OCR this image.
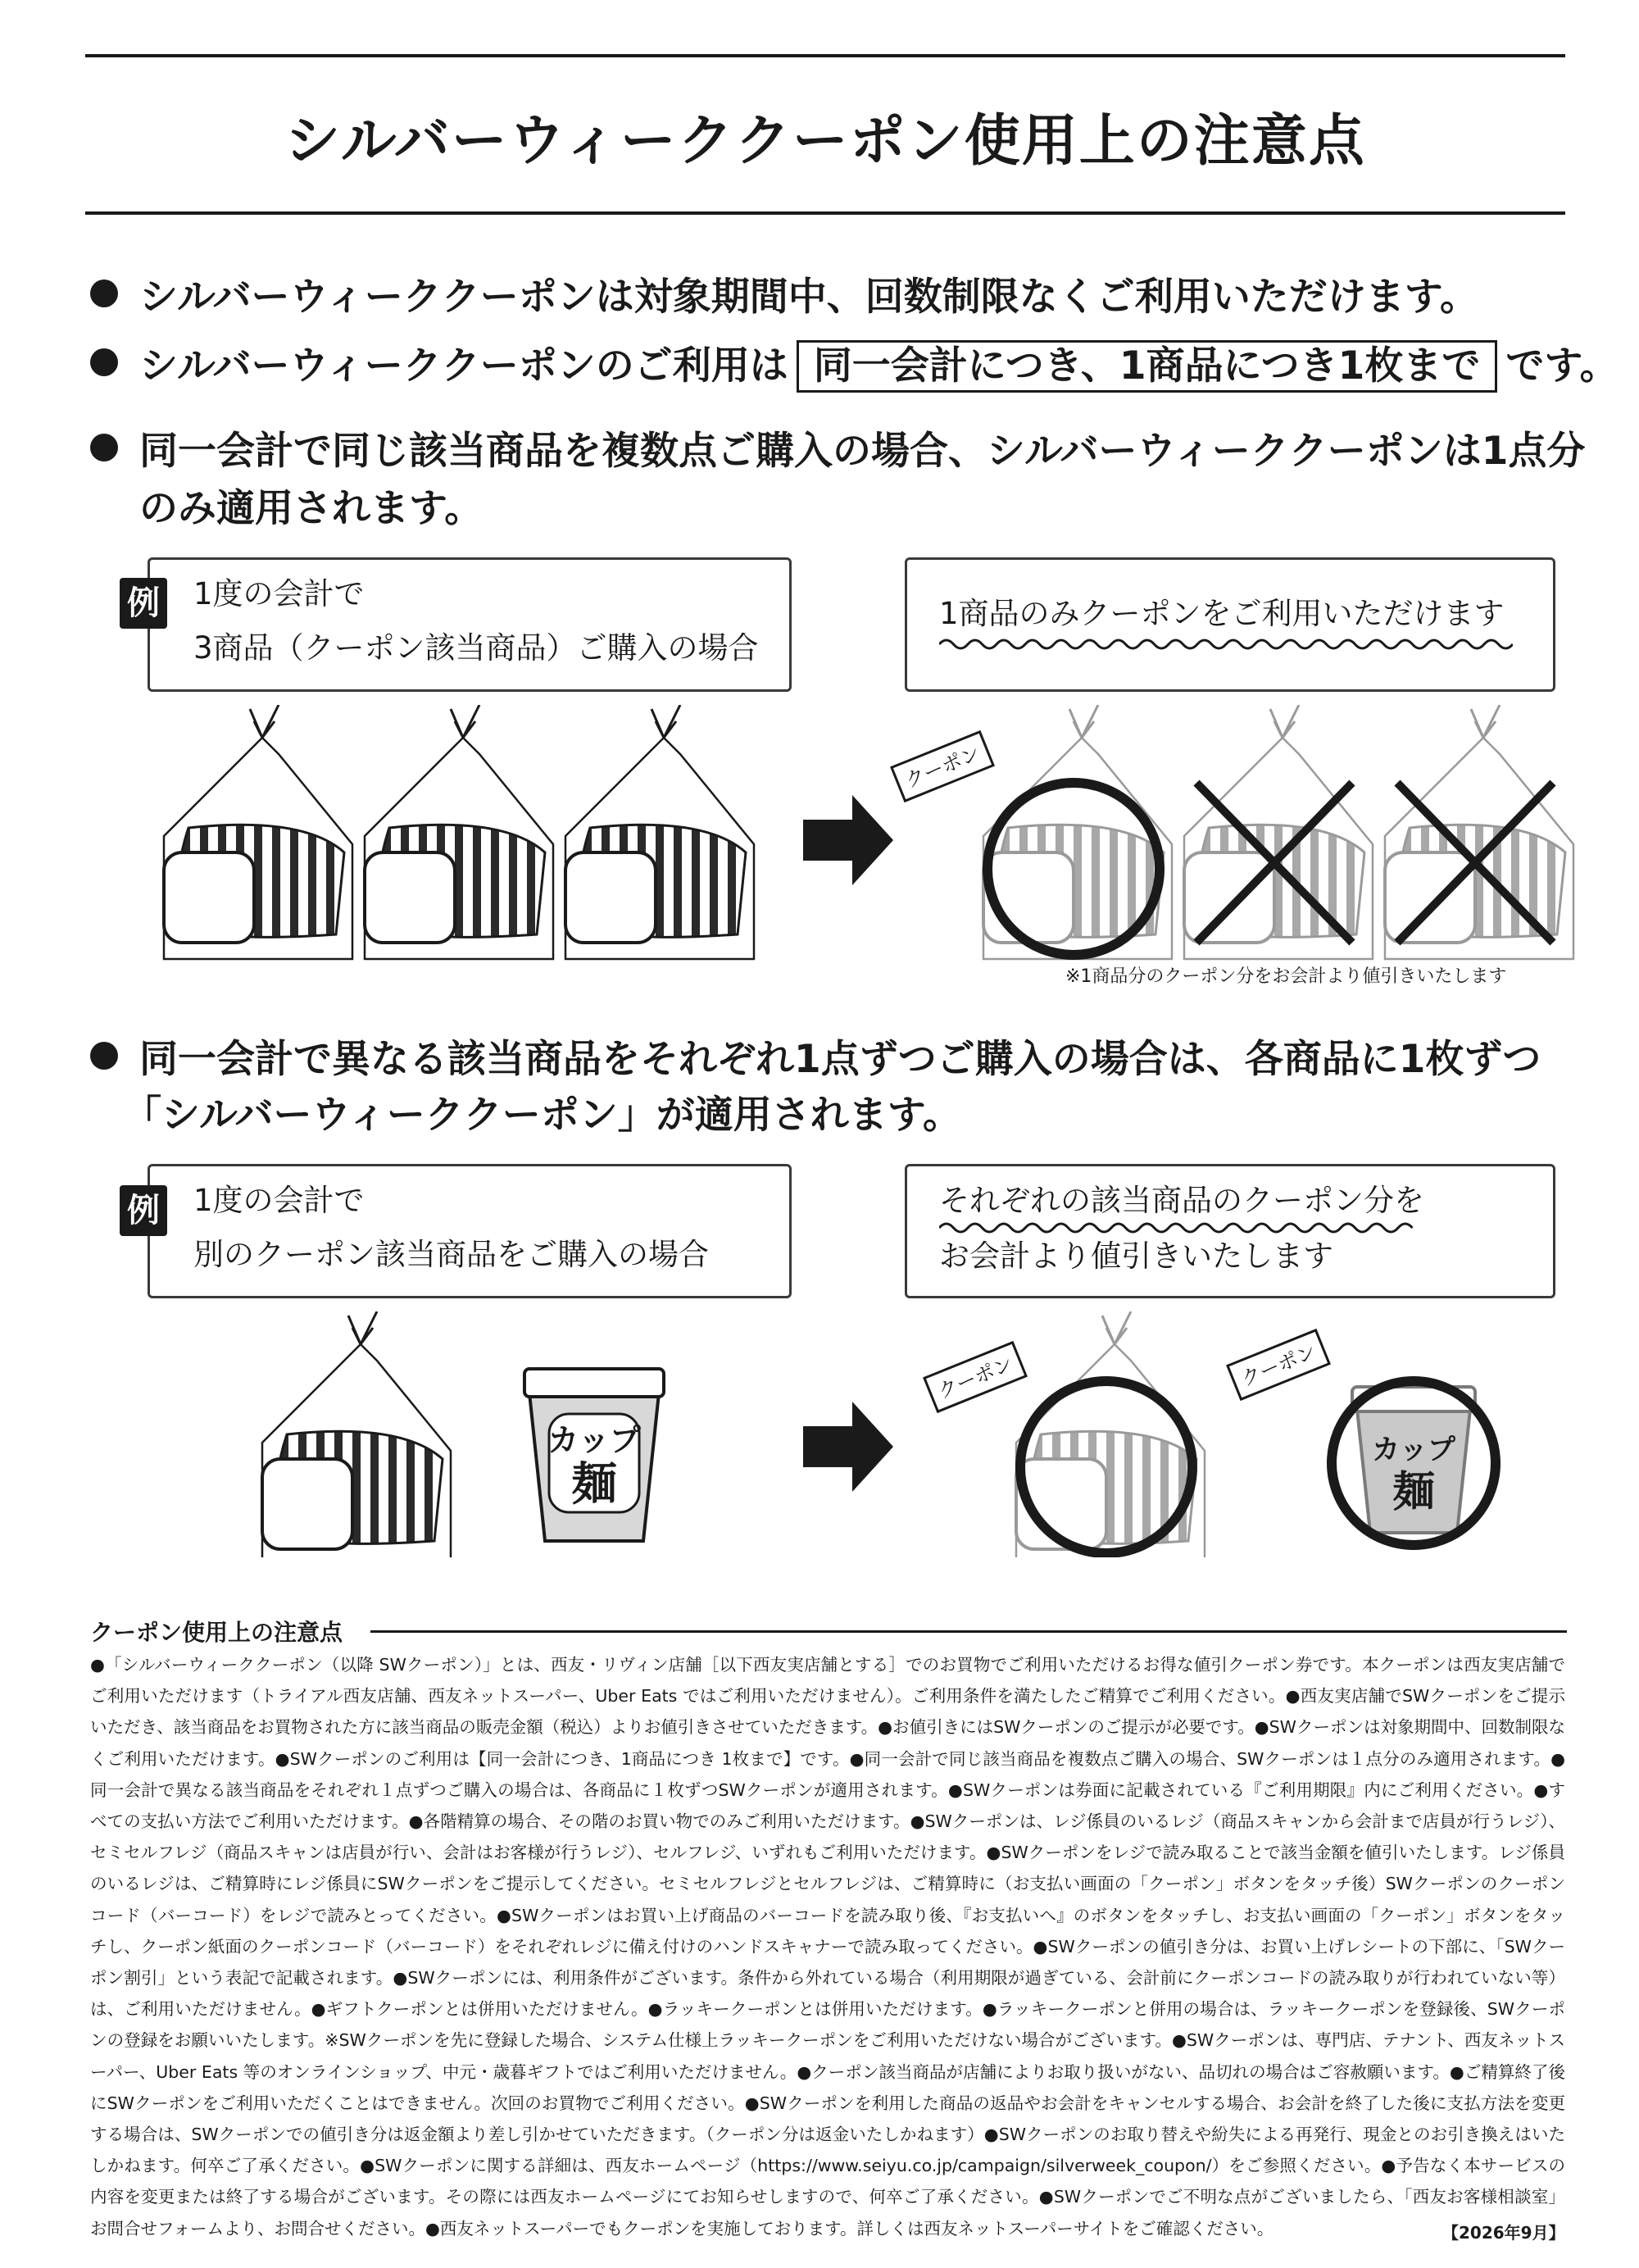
シルバーウィーククーポン使用上の注意点
シルバーウィーククーポンは対象期間中、回数制限なくご利用いただけます。
シルバーウィーククーポンのご利用は 同一会計につき、1商品につき1枚まで です。
同一会計で同じ該当商品を複数点ご購入の場合、シルバーウィーククーポンは1点分
のみ適用されます。
例 1度の会計で
3商品（クーポン該当商品）ご購入の場合
1商品のみクーポンをご利用いただけます
クーポン
※1商品分のクーポン分をお会計より値引きいたします
同一会計で異なる該当商品をそれぞれ1点ずつご購入の場合は、各商品に1枚ずつ
「シルバーウィーククーポン」が適用されます。
例 1度の会計で
別のクーポン該当商品をご購入の場合
それぞれの該当商品のクーポン分を
お会計より値引きいたします
カップ
麺
クーポン	クーポン
カップ
麺
クーポン使用上の注意点
●「シルバーウィーククーポン（以降 SWクーポン）」とは、西友・リヴィン店舗［以下西友実店舗とする］でのお買物でご利用いただけるお得な値引クーポン券です。本クーポンは西友実店舗でご利用いただけます（トライアル西友店舗、西友ネットスーパー、Uber Eats ではご利用いただけません）。ご利用条件を満たしたご精算でご利用ください。●西友実店舗でSWクーポンをご提示いただき、該当商品をお買物された方に該当商品の販売金額（税込）よりお値引きさせていただきます。●お値引きにはSWクーポンのご提示が必要です。●SWクーポンは対象期間中、回数制限なくご利用いただけます。●SWクーポンのご利用は【同一会計につき、1商品につき 1枚まで】です。●同一会計で同じ該当商品を複数点ご購入の場合、SWクーポンは１点分のみ適用されます。●同一会計で異なる該当商品をそれぞれ１点ずつご購入の場合は、各商品に１枚ずつSWクーポンが適用されます。●SWクーポンは券面に記載されている『ご利用期限』内にご利用ください。●すべての支払い方法でご利用いただけます。●各階精算の場合、その階のお買い物でのみご利用いただけます。●SWクーポンは、レジ係員のいるレジ（商品スキャンから会計まで店員が行うレジ）、セミセルフレジ（商品スキャンは店員が行い、会計はお客様が行うレジ）、セルフレジ、いずれもご利用いただけます。●SWクーポンをレジで読み取ることで該当金額を値引いたします。レジ係員のいるレジは、ご精算時にレジ係員にSWクーポンをご提示してください。セミセルフレジとセルフレジは、ご精算時に（お支払い画面の「クーポン」ボタンをタッチ後）SWクーポンのクーポンコード（バーコード）をレジで読みとってください。●SWクーポンはお買い上げ商品のバーコードを読み取り後、『お支払いへ』のボタンをタッチし、お支払い画面の「クーポン」ボタンをタッチし、クーポン紙面のクーポンコード（バーコード）をそれぞれレジに備え付けのハンドスキャナーで読み取ってください。●SWクーポンの値引き分は、お買い上げレシートの下部に、「SWクーポン割引」という表記で記載されます。●SWクーポンには、利用条件がございます。条件から外れている場合（利用期限が過ぎている、会計前にクーポンコードの読み取りが行われていない等）は、ご利用いただけません。●ギフトクーポンとは併用いただけません。●ラッキークーポンとは併用いただけます。●ラッキークーポンと併用の場合は、ラッキークーポンを登録後、SWクーポンの登録をお願いいたします。※SWクーポンを先に登録した場合、システム仕様上ラッキークーポンをご利用いただけない場合がございます。●SWクーポンは、専門店、テナント、西友ネットスーパー、Uber Eats 等のオンラインショップ、中元・歳暮ギフトではご利用いただけません。●クーポン該当商品が店舗によりお取り扱いがない、品切れの場合はご容赦願います。●ご精算終了後にSWクーポンをご利用いただくことはできません。次回のお買物でご利用ください。●SWクーポンを利用した商品の返品やお会計をキャンセルする場合、お会計を終了した後に支払方法を変更する場合は、SWクーポンでの値引き分は返金額より差し引かせていただきます。（クーポン分は返金いたしかねます）●SWクーポンのお取り替えや紛失による再発行、現金とのお引き換えはいたしかねます。何卒ご了承ください。●SWクーポンに関する詳細は、西友ホームページ（https://www.seiyu.co.jp/campaign/silverweek_coupon/）をご参照ください。●予告なく本サービスの内容を変更または終了する場合がございます。その際には西友ホームページにてお知らせしますので、何卒ご了承ください。●SWクーポンでご不明な点がございましたら、「西友お客様相談室」お問合せフォームより、お問合せください。●西友ネットスーパーでもクーポンを実施しております。詳しくは西友ネットスーパーサイトをご確認ください。	【2026年9月】
